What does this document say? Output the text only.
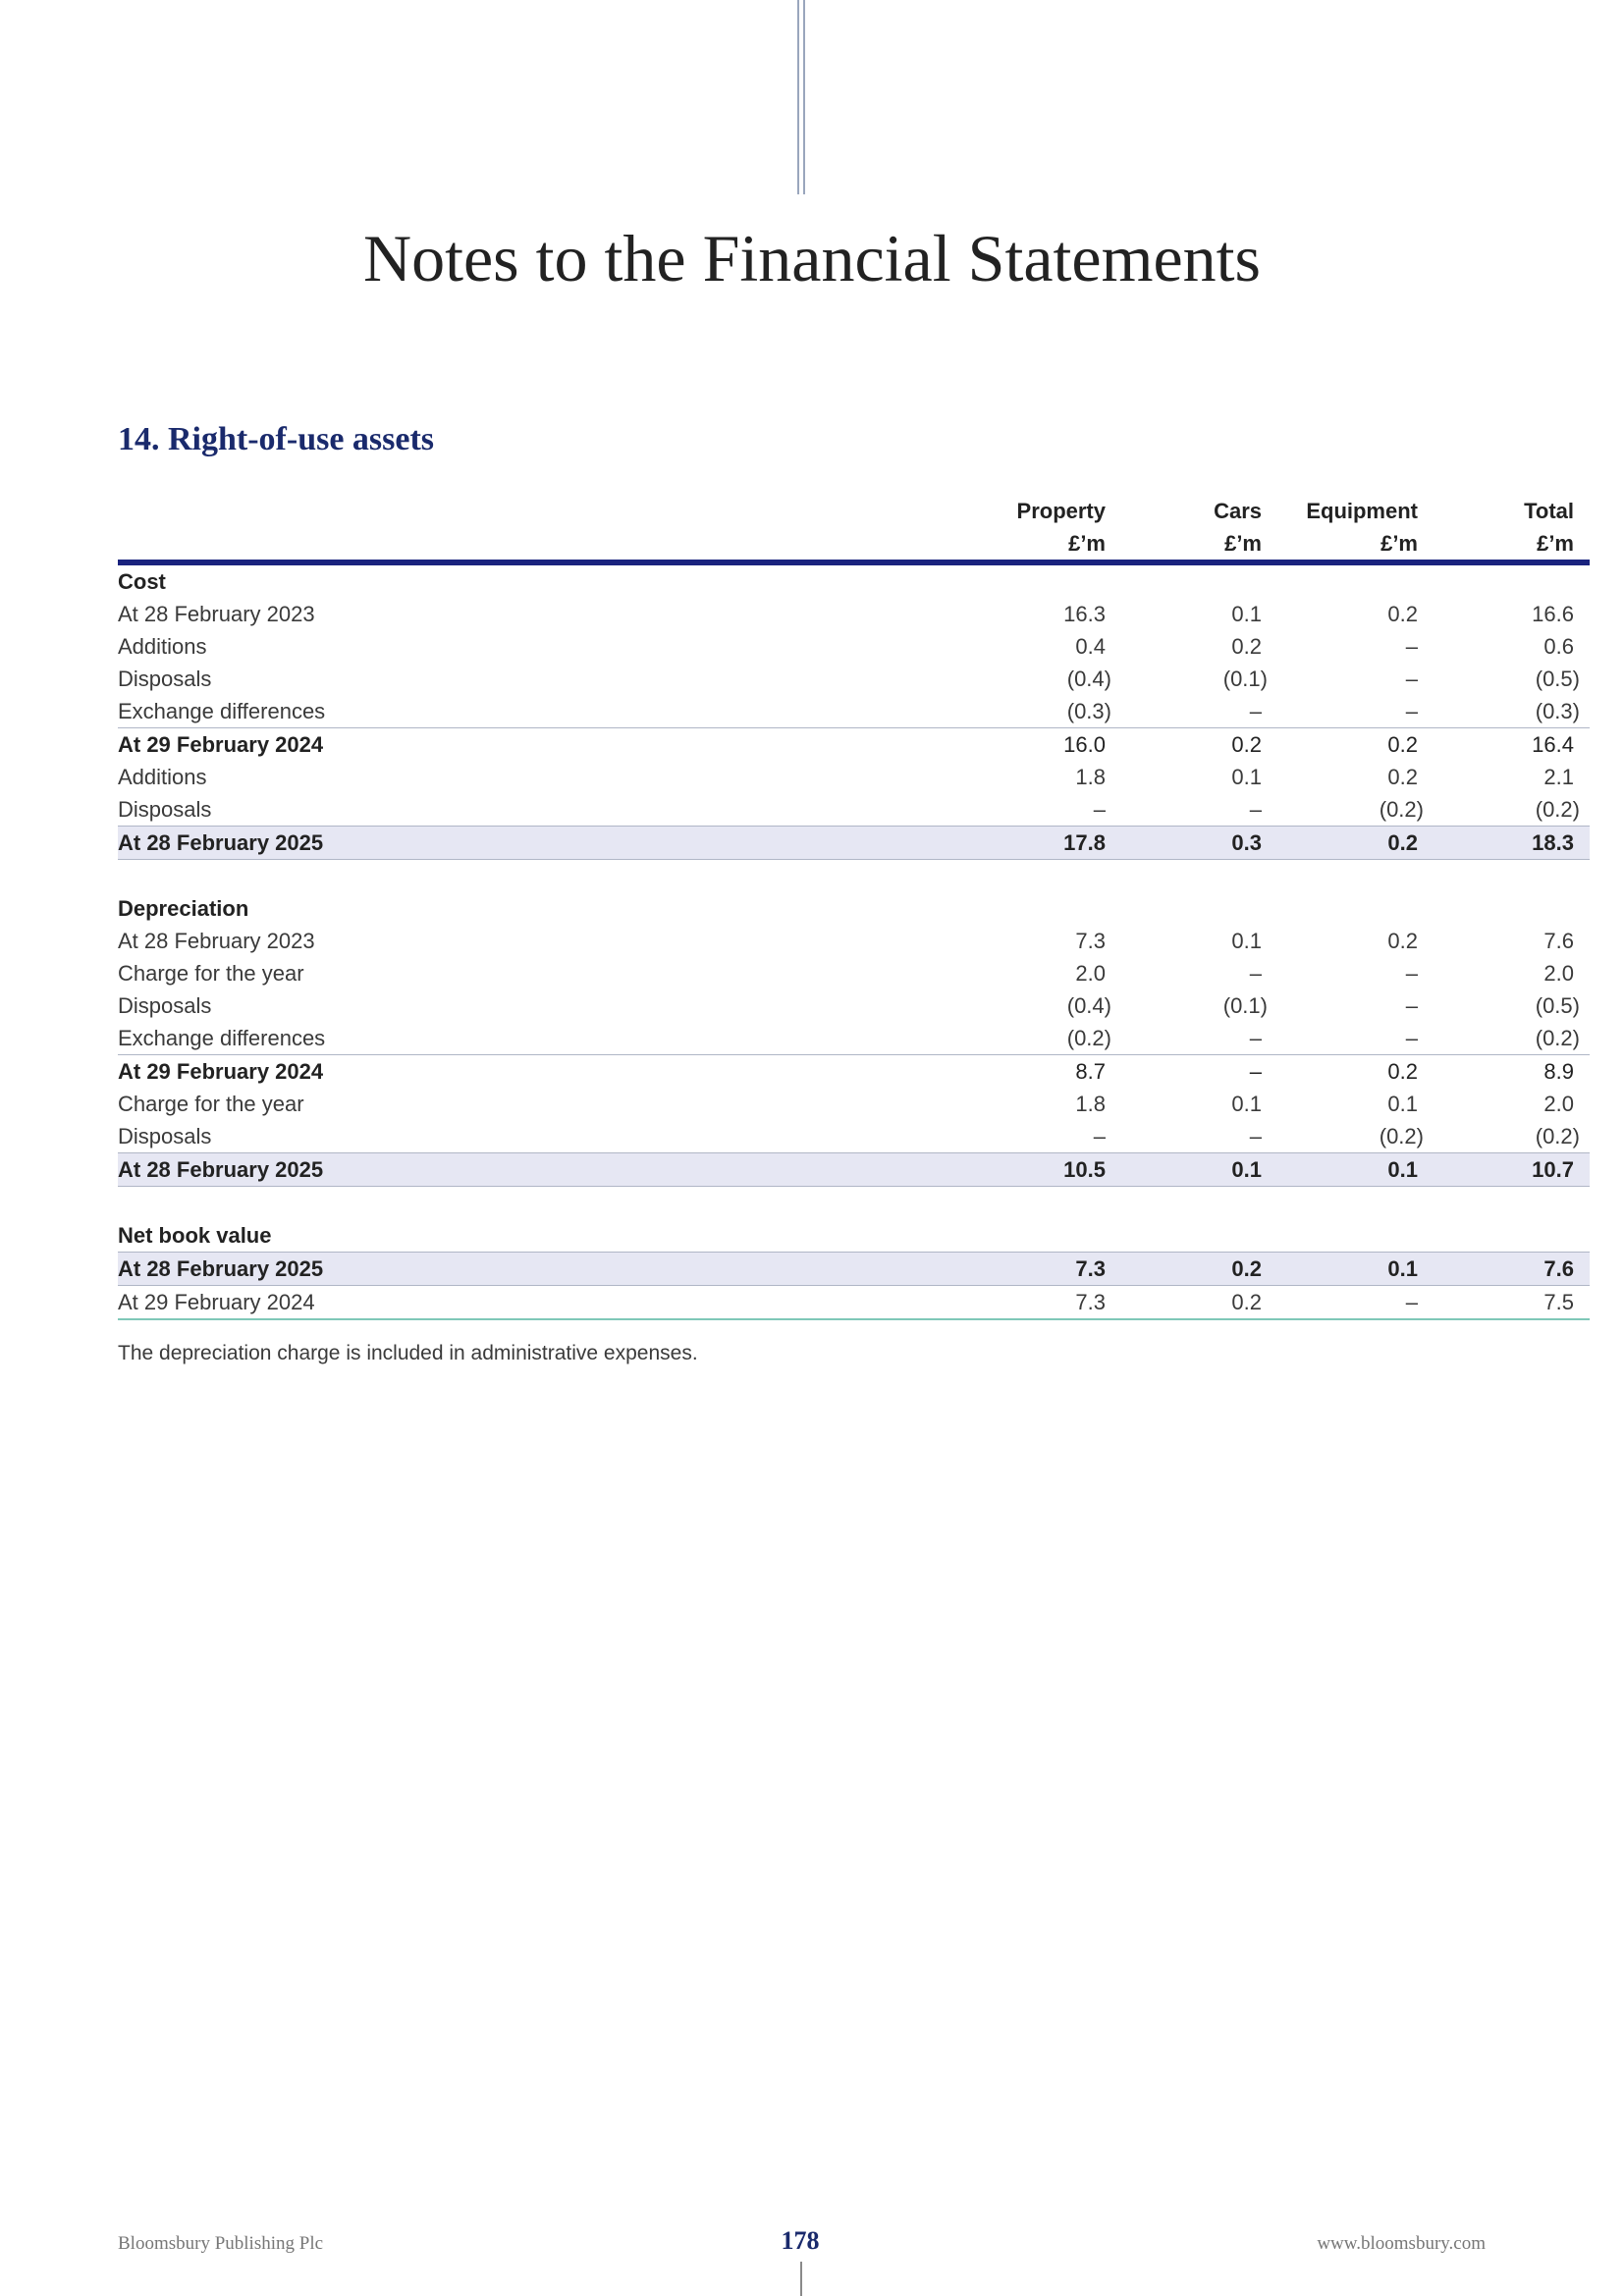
Notes to the Financial Statements
14. Right-of-use assets
	Property	Cars	Equipment	Total
	£’m	£’m	£’m	£’m
Cost				
At 28 February 2023	16.3	0.1	0.2	16.6
Additions	0.4	0.2	–	0.6
Disposals	(0.4)	(0.1)	–	(0.5)
Exchange differences	(0.3)	–	–	(0.3)
At 29 February 2024	16.0	0.2	0.2	16.4
Additions	1.8	0.1	0.2	2.1
Disposals	–	–	(0.2)	(0.2)
At 28 February 2025	17.8	0.3	0.2	18.3

Depreciation				
At 28 February 2023	7.3	0.1	0.2	7.6
Charge for the year	2.0	–	–	2.0
Disposals	(0.4)	(0.1)	–	(0.5)
Exchange differences	(0.2)	–	–	(0.2)
At 29 February 2024	8.7	–	0.2	8.9
Charge for the year	1.8	0.1	0.1	2.0
Disposals	–	–	(0.2)	(0.2)
At 28 February 2025	10.5	0.1	0.1	10.7

Net book value				
At 28 February 2025	7.3	0.2	0.1	7.6
At 29 February 2024	7.3	0.2	–	7.5

The depreciation charge is included in administrative expenses.

Bloomsbury Publishing Plc	178	www.bloomsbury.com
